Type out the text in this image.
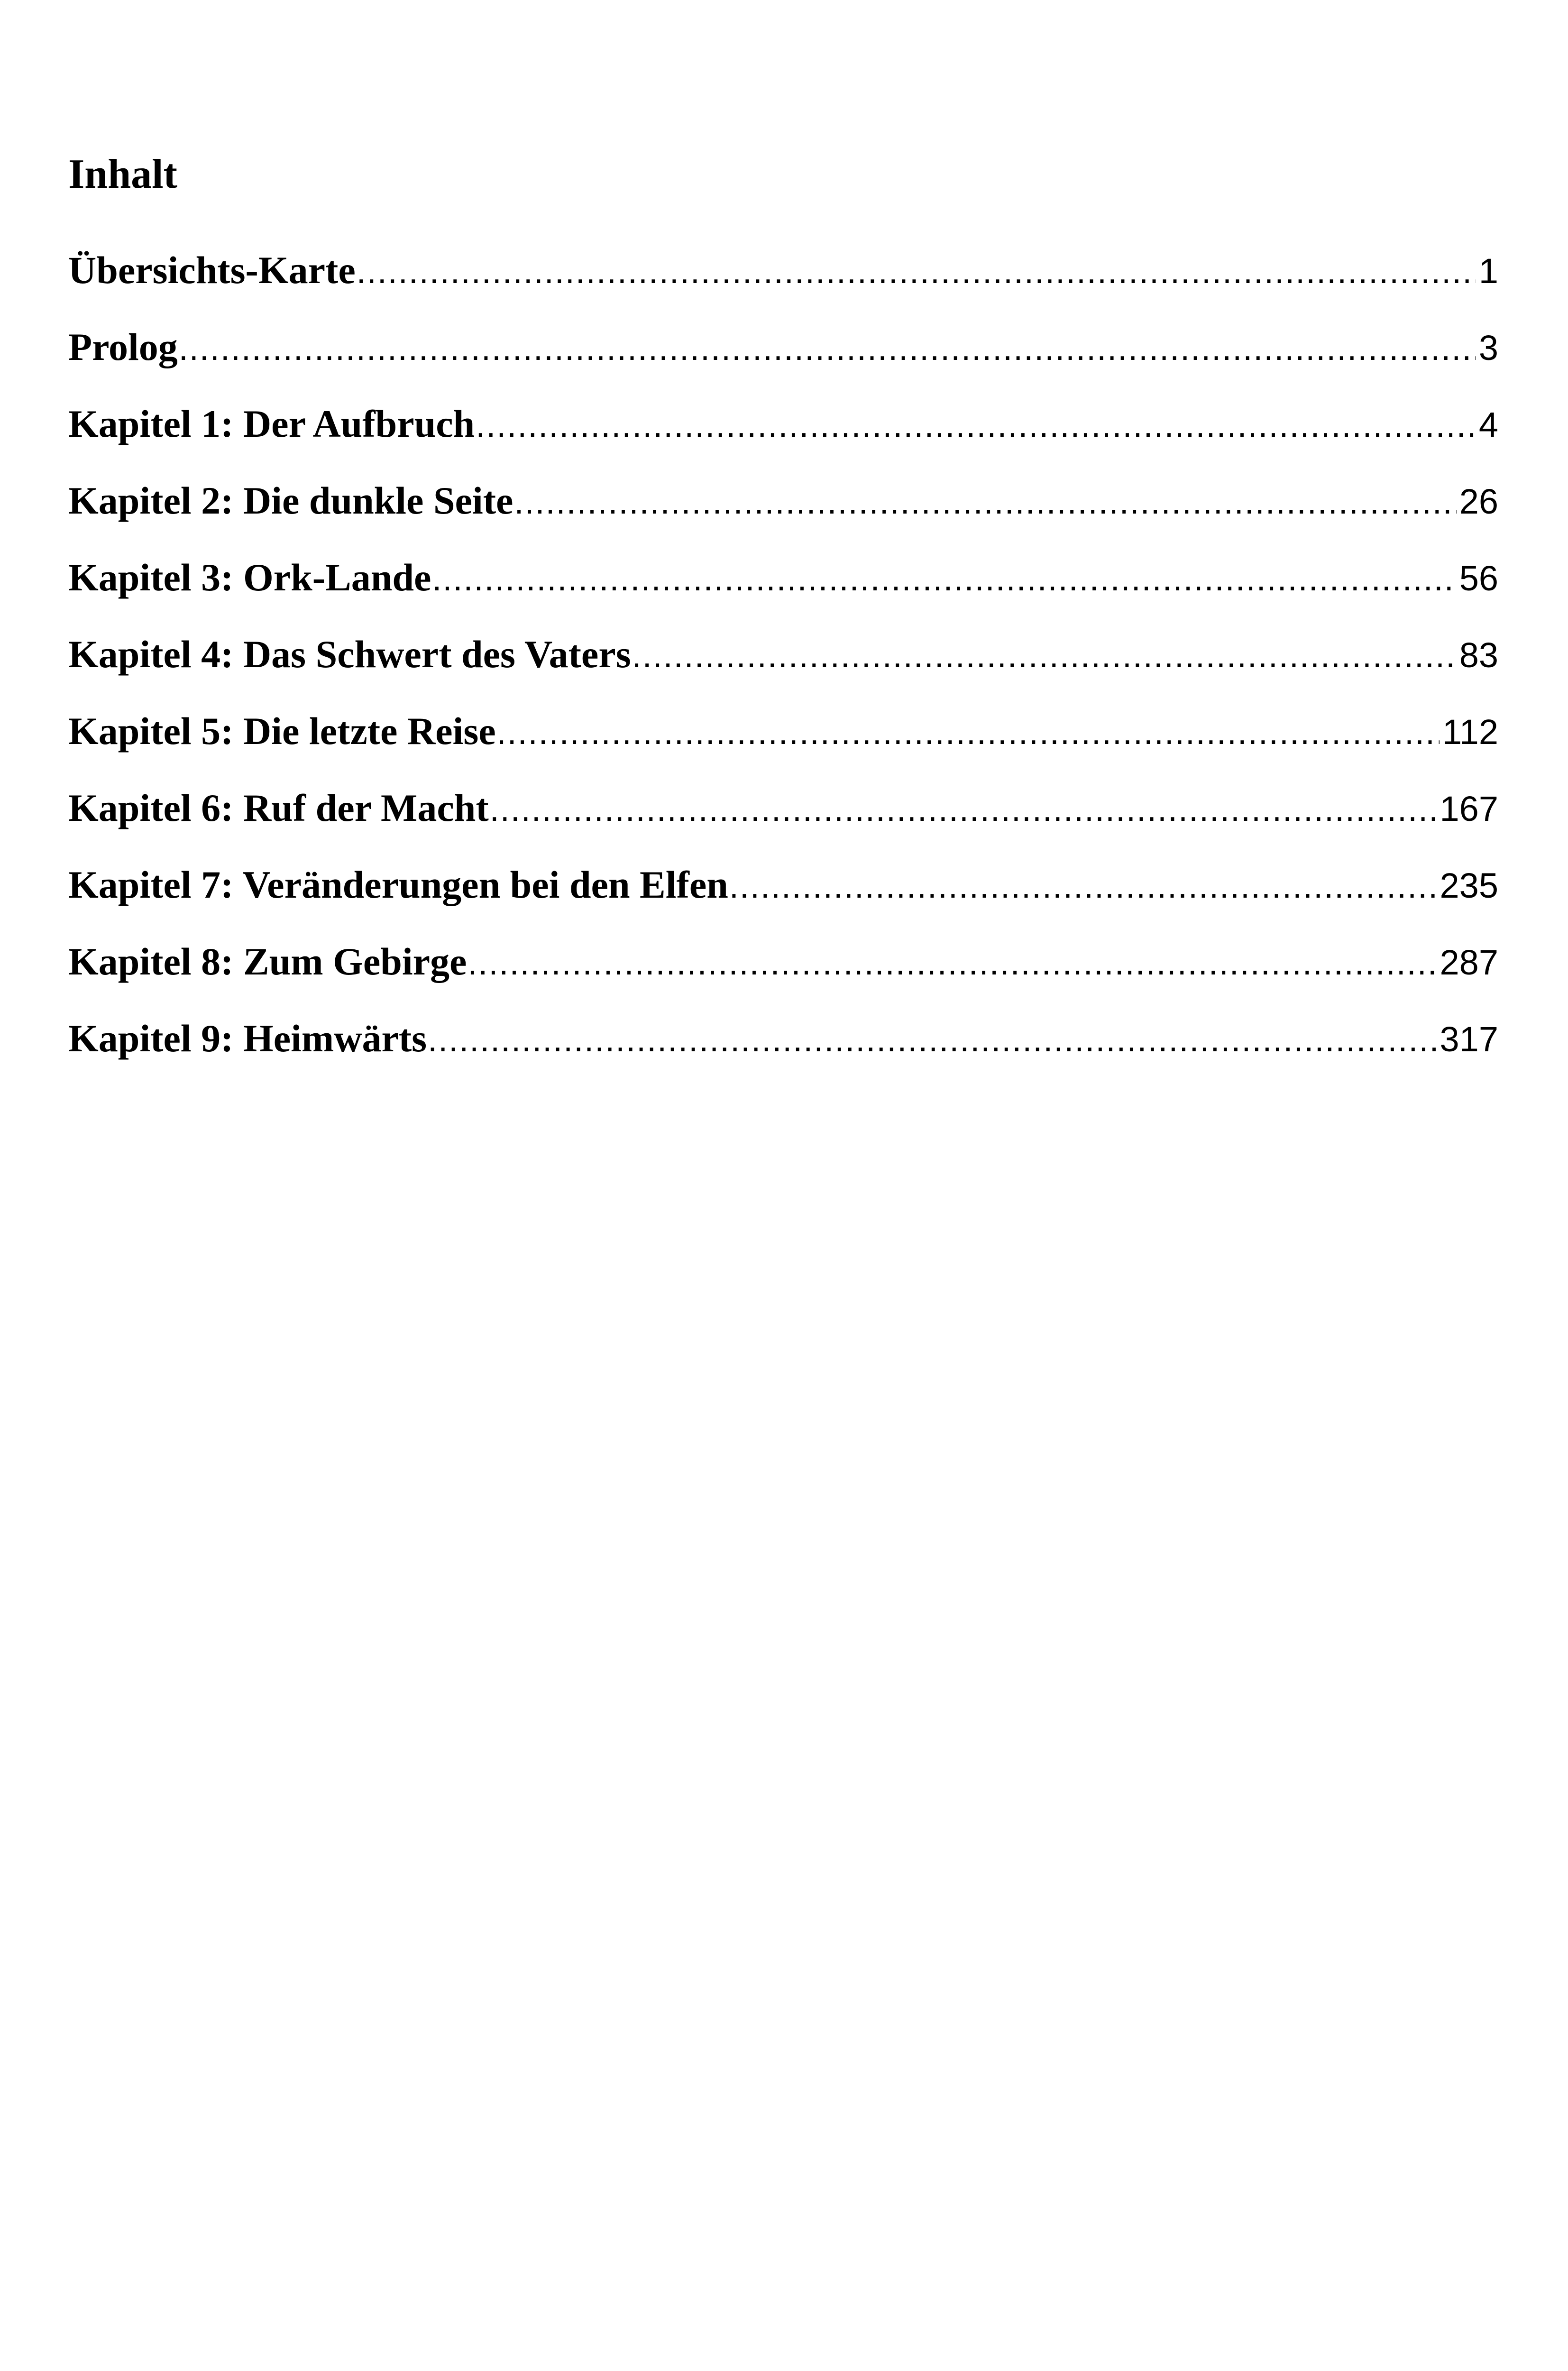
Inhalt
Übersichts-Karte .....	1
Prolog .....	3
Kapitel 1: Der Aufbruch .....	4
Kapitel 2: Die dunkle Seite .....	26
Kapitel 3: Ork-Lande .....	56
Kapitel 4: Das Schwert des Vaters .....	83
Kapitel 5: Die letzte Reise .....	112
Kapitel 6: Ruf der Macht .....	167
Kapitel 7: Veränderungen bei den Elfen .....	235
Kapitel 8: Zum Gebirge .....	287
Kapitel 9: Heimwärts .....	317
